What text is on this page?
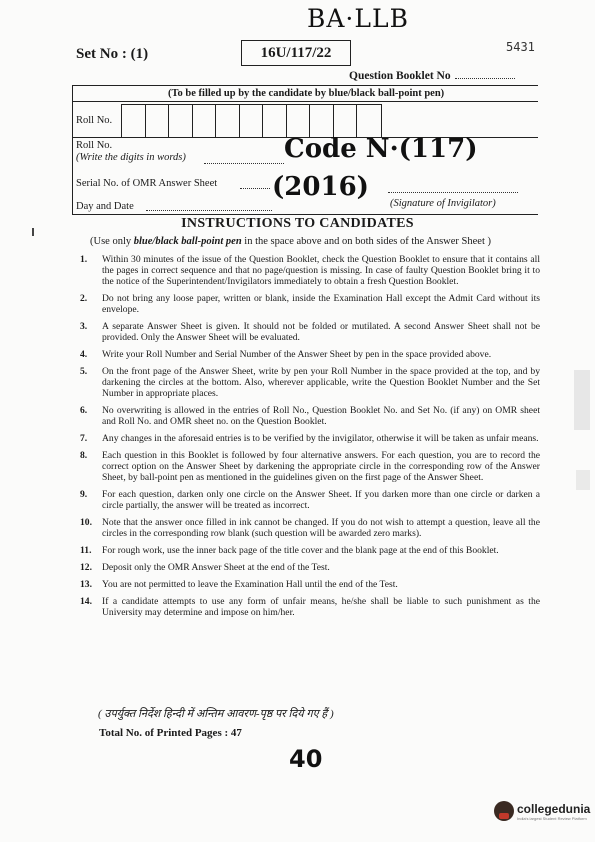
BA·LLB
5431
Set No : (1)	16U/117/22
Question Booklet No
(To be filled up by the candidate by blue/black ball-point pen)
Roll No.
Roll No.
(Write the digits in words)	Code N·(117)
Serial No. of OMR Answer Sheet (2016)
Day and Date	(Signature of Invigilator)
INSTRUCTIONS TO CANDIDATES
(Use only blue/black ball-point pen in the space above and on both sides of the Answer Sheet )
1. Within 30 minutes of the issue of the Question Booklet, check the Question Booklet to ensure that it contains all the pages in correct sequence and that no page/question is missing. In case of faulty Question Booklet bring it to the notice of the Superintendent/Invigilators immediately to obtain a fresh Question Booklet.
2. Do not bring any loose paper, written or blank, inside the Examination Hall except the Admit Card without its envelope.
3. A separate Answer Sheet is given. It should not be folded or mutilated. A second Answer Sheet shall not be provided. Only the Answer Sheet will be evaluated.
4. Write your Roll Number and Serial Number of the Answer Sheet by pen in the space provided above.
5. On the front page of the Answer Sheet, write by pen your Roll Number in the space provided at the top, and by darkening the circles at the bottom. Also, wherever applicable, write the Question Booklet Number and the Set Number in appropriate places.
6. No overwriting is allowed in the entries of Roll No., Question Booklet No. and Set No. (if any) on OMR sheet and Roll No. and OMR sheet no. on the Question Booklet.
7. Any changes in the aforesaid entries is to be verified by the invigilator, otherwise it will be taken as unfair means.
8. Each question in this Booklet is followed by four alternative answers. For each question, you are to record the correct option on the Answer Sheet by darkening the appropriate circle in the corresponding row of the Answer Sheet, by ball-point pen as mentioned in the guidelines given on the first page of the Answer Sheet.
9. For each question, darken only one circle on the Answer Sheet. If you darken more than one circle or darken a circle partially, the answer will be treated as incorrect.
10. Note that the answer once filled in ink cannot be changed. If you do not wish to attempt a question, leave all the circles in the corresponding row blank (such question will be awarded zero marks).
11. For rough work, use the inner back page of the title cover and the blank page at the end of this Booklet.
12. Deposit only the OMR Answer Sheet at the end of the Test.
13. You are not permitted to leave the Examination Hall until the end of the Test.
14. If a candidate attempts to use any form of unfair means, he/she shall be liable to such punishment as the University may determine and impose on him/her.
( उपर्युक्त निर्देश हिन्दी में अन्तिम आवरण-पृष्ठ पर दिये गए हैं )
Total No. of Printed Pages : 47
40
collegedunia
India's largest Student Review Platform
